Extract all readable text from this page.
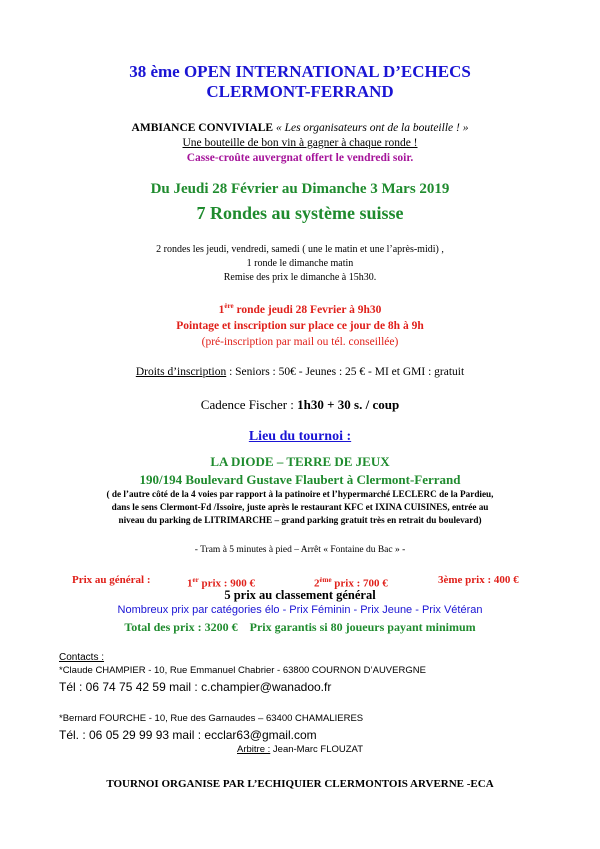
38 ème OPEN INTERNATIONAL D’ECHECS
CLERMONT-FERRAND
AMBIANCE CONVIVIALE « Les organisateurs ont de la bouteille ! »
Une bouteille de bon vin à gagner à chaque ronde !
Casse-croûte auvergnat offert le vendredi soir.
Du Jeudi 28 Février au Dimanche 3 Mars 2019
7 Rondes au système suisse
2 rondes les jeudi, vendredi, samedi ( une le matin et une l’après-midi) ,
1 ronde le dimanche matin
Remise des prix le dimanche à 15h30.
1ère ronde jeudi 28 Fevrier à 9h30
Pointage et inscription sur place ce jour de 8h à 9h
(pré-inscription par mail ou tél. conseillée)
Droits d’inscription : Seniors : 50€ - Jeunes : 25 € - MI et GMI : gratuit
Cadence Fischer : 1h30 + 30 s. / coup
Lieu du tournoi :
LA DIODE – TERRE DE JEUX
190/194 Boulevard Gustave Flaubert à Clermont-Ferrand
( de l’autre côté de la 4 voies par rapport à la patinoire et l’hypermarché LECLERC de la Pardieu,
dans le sens Clermont-Fd /Issoire, juste après le restaurant KFC et IXINA CUISINES, entrée au
niveau du parking de LITRIMARCHE – grand parking gratuit très en retrait du boulevard)
- Tram à 5 minutes à pied – Arrêt « Fontaine du Bac » -
Prix au général :	1er prix : 900 €	2ème prix : 700 €	3ème prix : 400 €
5 prix au classement général
Nombreux prix par catégories élo - Prix Féminin - Prix Jeune - Prix Vétéran
Total des prix : 3200 € Prix garantis si 80 joueurs payant minimum
Contacts :
*Claude CHAMPIER - 10, Rue Emmanuel Chabrier - 63800 COURNON D’AUVERGNE
Tél : 06 74 75 42 59 mail : c.champier@wanadoo.fr
*Bernard FOURCHE - 10, Rue des Garnaudes – 63400 CHAMALIERES
Tél. : 06 05 29 99 93 mail : ecclar63@gmail.com
Arbitre : Jean-Marc FLOUZAT
TOURNOI ORGANISE PAR L’ECHIQUIER CLERMONTOIS ARVERNE -ECA
